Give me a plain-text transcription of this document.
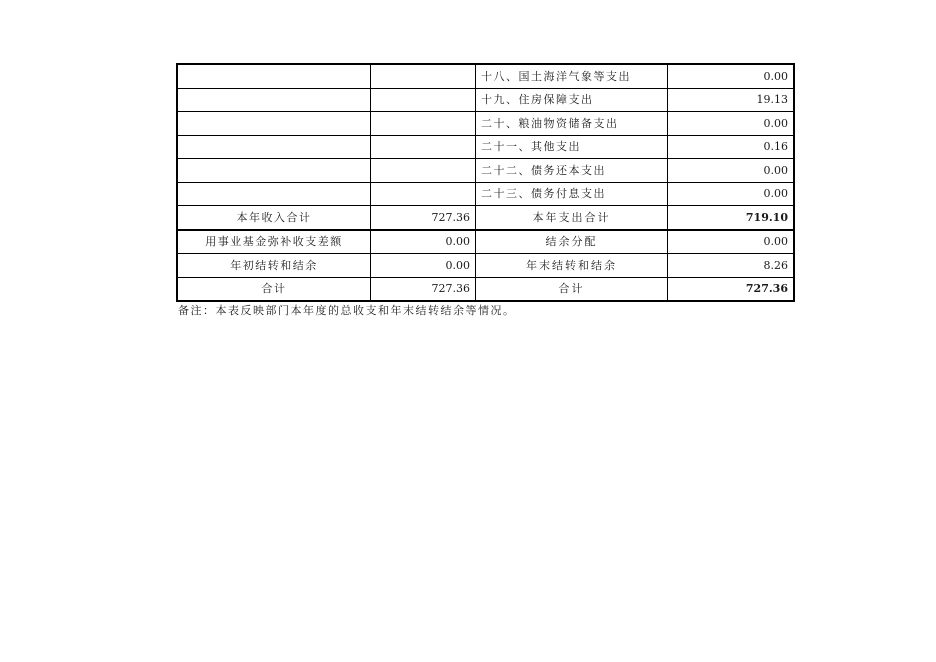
		十八、国土海洋气象等支出	0.00
		十九、住房保障支出	19.13
		二十、粮油物资储备支出	0.00
		二十一、其他支出	0.16
		二十二、债务还本支出	0.00
		二十三、债务付息支出	0.00
本年收入合计	727.36	本年支出合计	719.10
用事业基金弥补收支差额	0.00	结余分配	0.00
年初结转和结余	0.00	年末结转和结余	8.26
合计	727.36	合计	727.36
备注：本表反映部门本年度的总收支和年末结转结余等情况。
